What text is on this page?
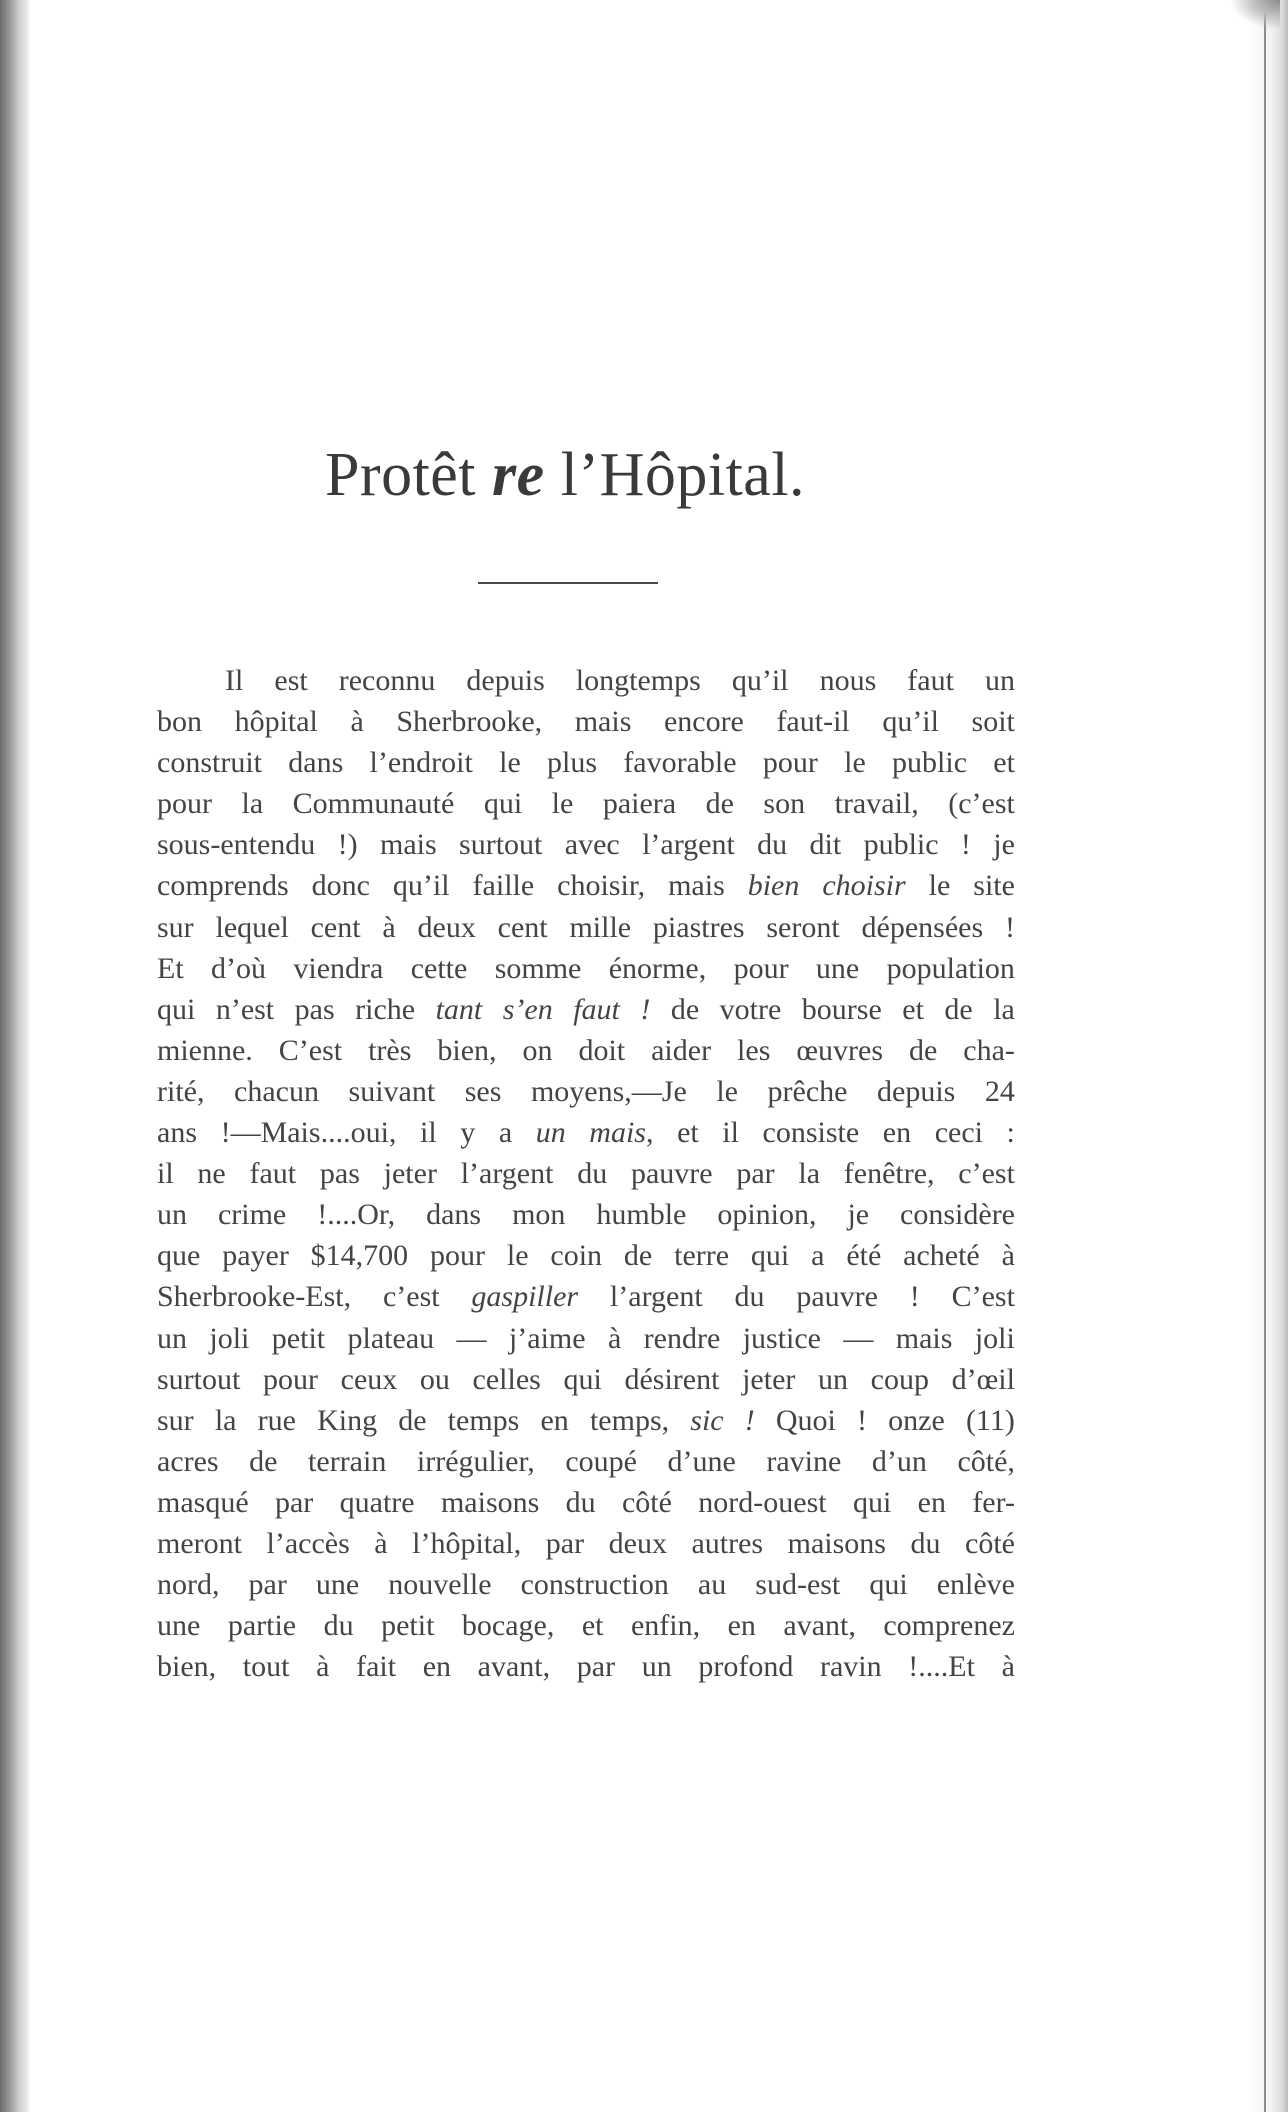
Protêt re l’Hôpital.
Il est reconnu depuis longtemps qu’il nous faut un
bon hôpital à Sherbrooke, mais encore faut-il qu’il soit
construit dans l’endroit le plus favorable pour le public et
pour la Communauté qui le paiera de son travail, (c’est
sous-entendu !) mais surtout avec l’argent du dit public ! je
comprends donc qu’il faille choisir, mais bien choisir le site
sur lequel cent à deux cent mille piastres seront dépensées !
Et d’où viendra cette somme énorme, pour une population
qui n’est pas riche tant s’en faut ! de votre bourse et de la
mienne. C’est très bien, on doit aider les œuvres de cha-
rité, chacun suivant ses moyens,—Je le prêche depuis 24
ans !—Mais....oui, il y a un mais, et il consiste en ceci :
il ne faut pas jeter l’argent du pauvre par la fenêtre, c’est
un crime !....Or, dans mon humble opinion, je considère
que payer $14,700 pour le coin de terre qui a été acheté à
Sherbrooke-Est, c’est gaspiller l’argent du pauvre ! C’est
un joli petit plateau — j’aime à rendre justice — mais joli
surtout pour ceux ou celles qui désirent jeter un coup d’œil
sur la rue King de temps en temps, sic ! Quoi ! onze (11)
acres de terrain irrégulier, coupé d’une ravine d’un côté,
masqué par quatre maisons du côté nord-ouest qui en fer-
meront l’accès à l’hôpital, par deux autres maisons du côté
nord, par une nouvelle construction au sud-est qui enlève
une partie du petit bocage, et enfin, en avant, comprenez
bien, tout à fait en avant, par un profond ravin !....Et à
